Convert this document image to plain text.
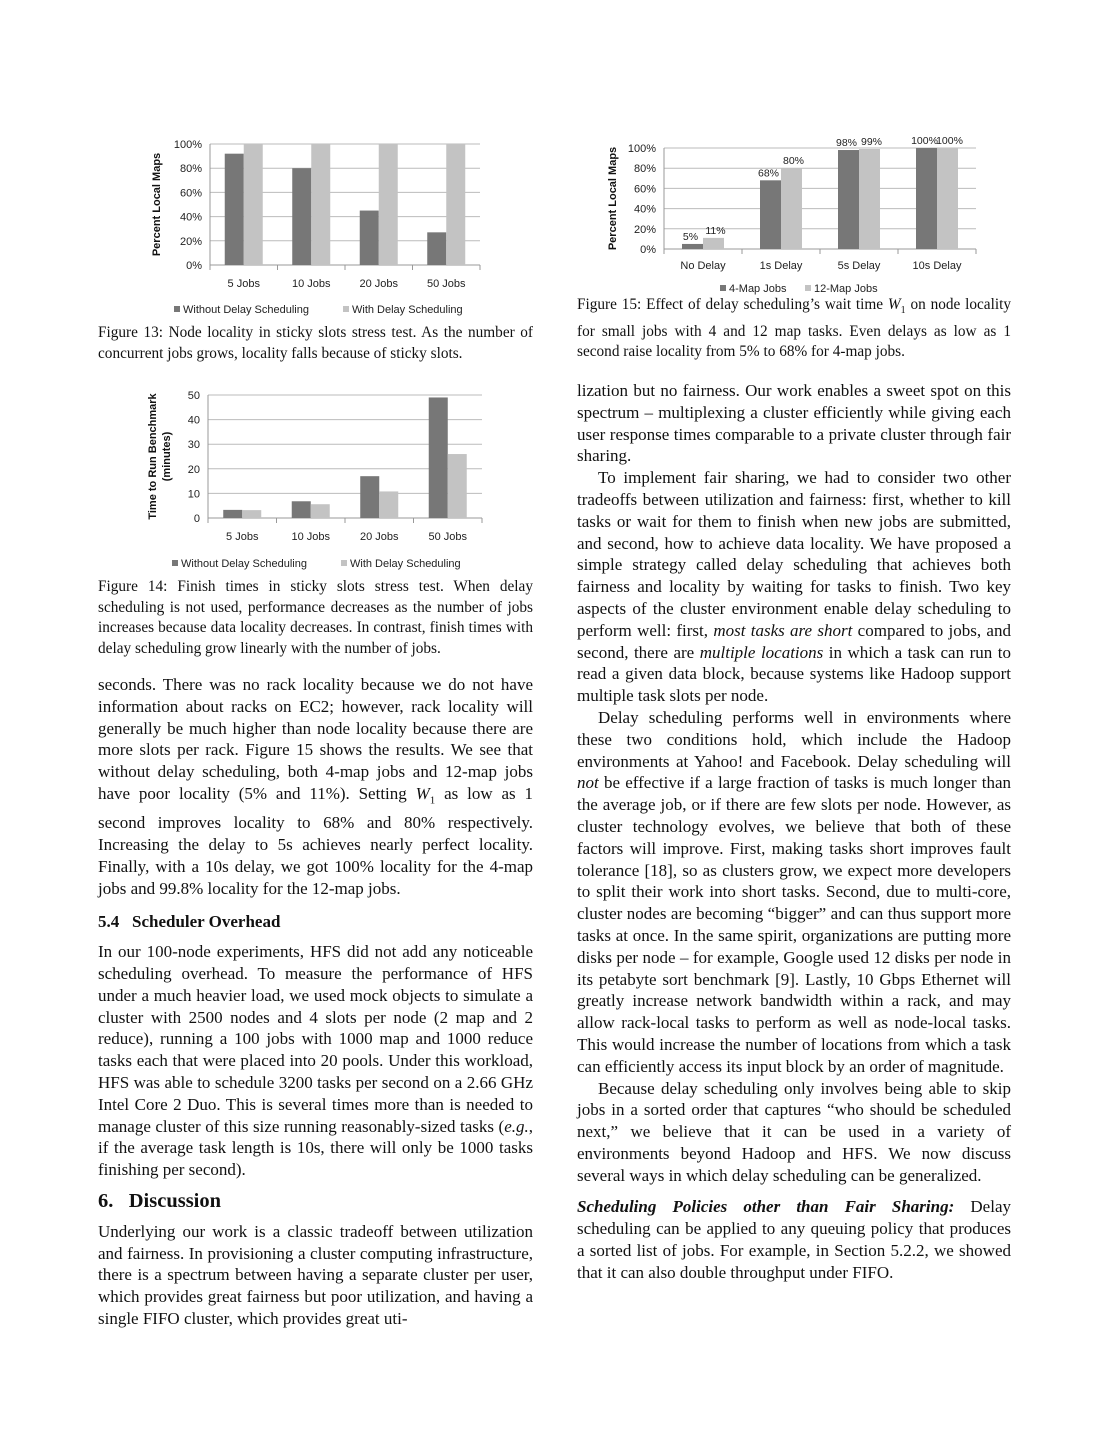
0%
20%
40%
60%
80%
100%
Percent Local Maps
5 Jobs	10 Jobs	20 Jobs	50 Jobs
Without Delay Scheduling	With Delay Scheduling
Figure 13: Node locality in sticky slots stress test. As the number of concurrent jobs grows, locality falls because of sticky slots.
0
10
20
30
40
50
Time to Run Benchmark (minutes)
5 Jobs	10 Jobs	20 Jobs	50 Jobs
Without Delay Scheduling	With Delay Scheduling
Figure 14: Finish times in sticky slots stress test. When delay scheduling is not used, performance decreases as the number of jobs increases because data locality decreases. In contrast, finish times with delay scheduling grow linearly with the number of jobs.
0%
20%
40%
60%
80%
100%
Percent Local Maps	5%
11%
No Delay
68%
80%
1s Delay
98% 99%
5s Delay
100%
100%
10s Delay
4-Map Jobs	12-Map Jobs
Figure 15: Effect of delay scheduling’s wait time $W_1$ on node locality for small jobs with 4 and 12 map tasks. Even delays as low as 1 second raise locality from 5% to 68% for 4-map jobs.

seconds. There was no rack locality because we do not have information about racks on EC2; however, rack locality will generally be much higher than node locality because there are more slots per rack. Figure 15 shows the results. We see that without delay scheduling, both 4-map jobs and 12-map jobs have poor locality (5% and 11%). Setting $W_1$ as low as 1 second improves locality to 68% and 80% respectively. Increasing the delay to 5s achieves nearly perfect locality. Finally, with a 10s delay, we got 100% locality for the 4-map jobs and 99.8% locality for the 12-map jobs.

5.4   Scheduler Overhead

In our 100-node experiments, HFS did not add any noticeable scheduling overhead. To measure the performance of HFS under a much heavier load, we used mock objects to simulate a cluster with 2500 nodes and 4 slots per node (2 map and 2 reduce), running a 100 jobs with 1000 map and 1000 reduce tasks each that were placed into 20 pools. Under this workload, HFS was able to schedule 3200 tasks per second on a 2.66 GHz Intel Core 2 Duo. This is several times more than is needed to manage cluster of this size running reasonably-sized tasks (e.g., if the average task length is 10s, there will only be 1000 tasks finishing per second).

6.   Discussion

Underlying our work is a classic tradeoff between utilization and fairness. In provisioning a cluster computing infrastructure, there is a spectrum between having a separate cluster per user, which provides great fairness but poor utilization, and having a single FIFO cluster, which provides great uti-

lization but no fairness. Our work enables a sweet spot on this spectrum – multiplexing a cluster efficiently while giving each user response times comparable to a private cluster through fair sharing.

To implement fair sharing, we had to consider two other tradeoffs between utilization and fairness: first, whether to kill tasks or wait for them to finish when new jobs are submitted, and second, how to achieve data locality. We have proposed a simple strategy called delay scheduling that achieves both fairness and locality by waiting for tasks to finish. Two key aspects of the cluster environment enable delay scheduling to perform well: first, most tasks are short compared to jobs, and second, there are multiple locations in which a task can run to read a given data block, because systems like Hadoop support multiple task slots per node.

Delay scheduling performs well in environments where these two conditions hold, which include the Hadoop environments at Yahoo! and Facebook. Delay scheduling will not be effective if a large fraction of tasks is much longer than the average job, or if there are few slots per node. However, as cluster technology evolves, we believe that both of these factors will improve. First, making tasks short improves fault tolerance [18], so as clusters grow, we expect more developers to split their work into short tasks. Second, due to multi-core, cluster nodes are becoming “bigger” and can thus support more tasks at once. In the same spirit, organizations are putting more disks per node – for example, Google used 12 disks per node in its petabyte sort benchmark [9]. Lastly, 10 Gbps Ethernet will greatly increase network bandwidth within a rack, and may allow rack-local tasks to perform as well as node-local tasks. This would increase the number of locations from which a task can efficiently access its input block by an order of magnitude.

Because delay scheduling only involves being able to skip jobs in a sorted order that captures “who should be scheduled next,” we believe that it can be used in a variety of environments beyond Hadoop and HFS. We now discuss several ways in which delay scheduling can be generalized.

Scheduling Policies other than Fair Sharing: Delay scheduling can be applied to any queuing policy that produces a sorted list of jobs. For example, in Section 5.2.2, we showed that it can also double throughput under FIFO.
